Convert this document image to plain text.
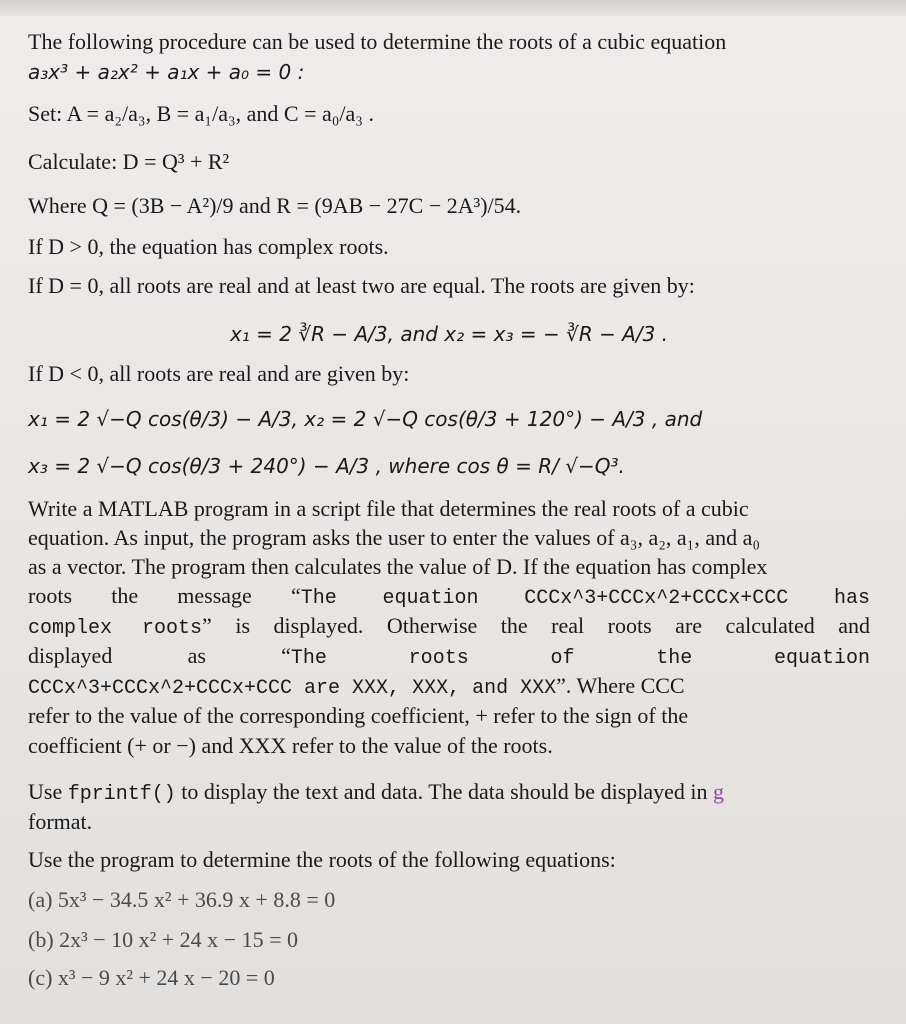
The following procedure can be used to determine the roots of a cubic equation
a₃x³ + a₂x² + a₁x + a₀ = 0 :
Set: A = a₂/a₃, B = a₁/a₃, and C = a₀/a₃ .
Calculate: D = Q³ + R²
Where Q = (3B − A²)/9 and R = (9AB − 27C − 2A³)/54.
If D > 0, the equation has complex roots.
If D = 0, all roots are real and at least two are equal. The roots are given by:
x₁ = 2 ∛R − A/3, and x₂ = x₃ = − ∛R − A/3 .
If D < 0, all roots are real and are given by:
x₁ = 2 √−Q cos(θ/3) − A/3, x₂ = 2 √−Q cos(θ/3 + 120°) − A/3 , and
x₃ = 2 √−Q cos(θ/3 + 240°) − A/3 , where cos θ = R/ √−Q³.
Write a MATLAB program in a script file that determines the real roots of a cubic
equation. As input, the program asks the user to enter the values of a₃, a₂, a₁, and a₀
as a vector. The program then calculates the value of D. If the equation has complex
roots the message “The equation CCCx^3+CCCx^2+CCCx+CCC has
complex roots” is displayed. Otherwise the real roots are calculated and
displayed as “The roots of the equation
CCCx^3+CCCx^2+CCCx+CCC are XXX, XXX, and XXX”. Where CCC
refer to the value of the corresponding coefficient, + refer to the sign of the
coefficient (+ or −) and XXX refer to the value of the roots.
Use fprintf() to display the text and data. The data should be displayed in g
format.
Use the program to determine the roots of the following equations:
(a) 5x³ − 34.5 x² + 36.9 x + 8.8 = 0
(b) 2x³ − 10 x² + 24 x − 15 = 0
(c) x³ − 9 x² + 24 x − 20 = 0
